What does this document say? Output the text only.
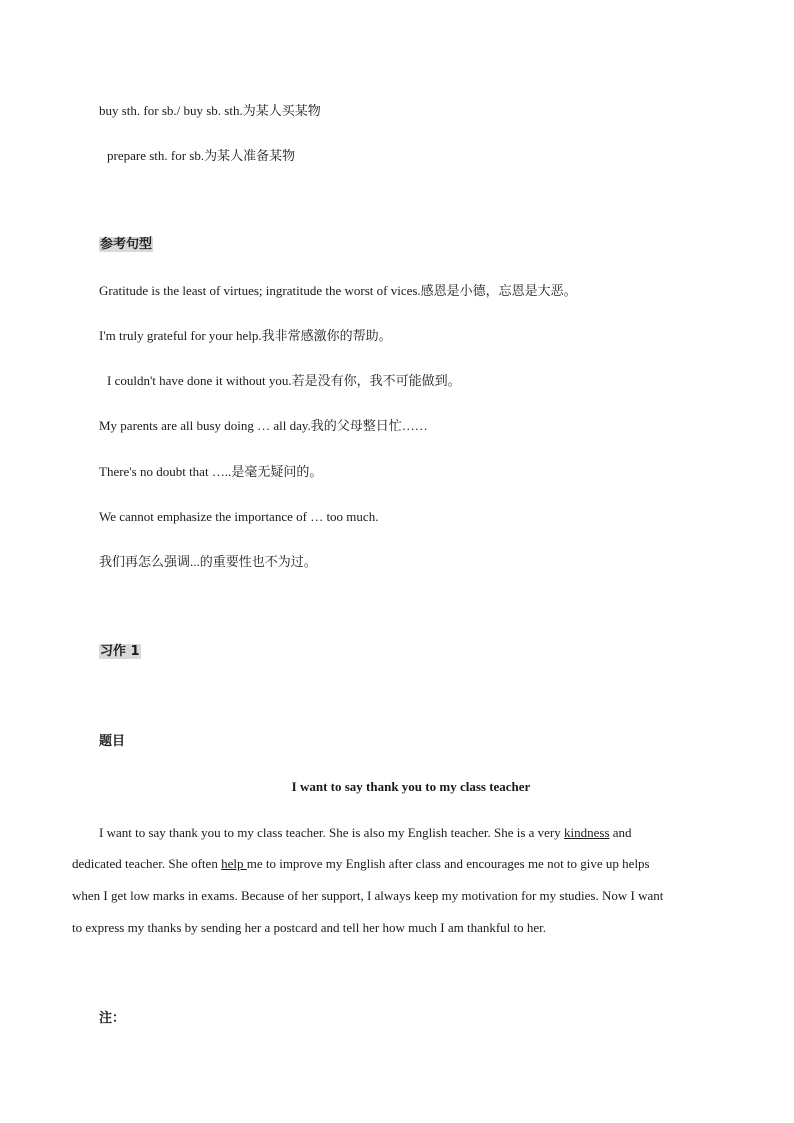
buy sth. for sb./ buy sb. sth.为某人买某物
prepare sth. for sb.为某人准备某物
参考句型
Gratitude is the least of virtues; ingratitude the worst of vices.感恩是小德，忘恩是大恶。
I'm truly grateful for your help.我非常感激你的帮助。
I couldn't have done it without you.若是没有你，我不可能做到。
My parents are all busy doing … all day.我的父母整日忙……
There's no doubt that …..是毫无疑问的。
We cannot emphasize the importance of … too much.
我们再怎么强调...的重要性也不为过。
习作 1
题目
I want to say thank you to my class teacher
I want to say thank you to my class teacher. She is also my English teacher. She is a very kindness and
dedicated teacher. She often help me to improve my English after class and encourages me not to give up helps
when I get low marks in exams. Because of her support, I always keep my motivation for my studies. Now I want
to express my thanks by sending her a postcard and tell her how much I am thankful to her.
注：
